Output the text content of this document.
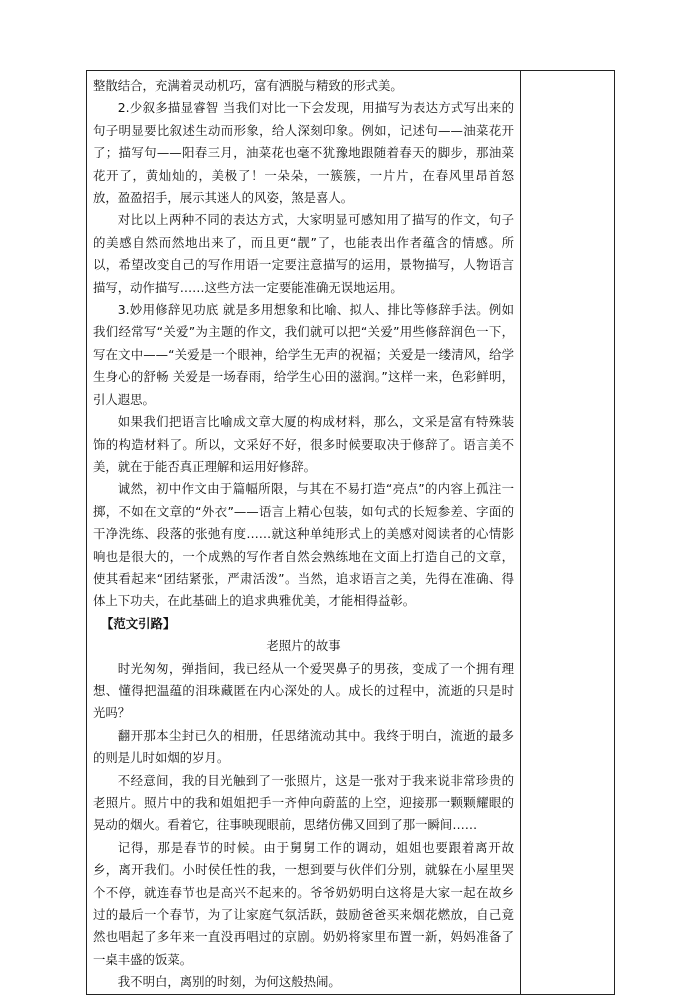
整散结合，充满着灵动机巧，富有洒脱与精致的形式美。

2.少叙多描显睿智 当我们对比一下会发现，用描写为表达方式写出来的句子明显要比叙述生动而形象，给人深刻印象。例如，记述句——油菜花开了；描写句——阳春三月，油菜花也毫不犹豫地跟随着春天的脚步，那油菜花开了，黄灿灿的，美极了！一朵朵，一簇簇，一片片，在春风里昂首怒放，盈盈招手，展示其迷人的风姿，煞是喜人。

对比以上两种不同的表达方式，大家明显可感知用了描写的作文，句子的美感自然而然地出来了，而且更“靓”了，也能表出作者蕴含的情感。所以，希望改变自己的写作用语一定要注意描写的运用，景物描写，人物语言描写，动作描写……这些方法一定要能准确无误地运用。

3.妙用修辞见功底 就是多用想象和比喻、拟人、排比等修辞手法。例如我们经常写“关爱”为主题的作文，我们就可以把“关爱”用些修辞润色一下，写在文中——“关爱是一个眼神，给学生无声的祝福；关爱是一缕清风，给学生身心的舒畅 关爱是一场春雨，给学生心田的滋润。”这样一来，色彩鲜明，引人遐思。

如果我们把语言比喻成文章大厦的构成材料，那么，文采是富有特殊装饰的构造材料了。所以，文采好不好，很多时候要取决于修辞了。语言美不美，就在于能否真正理解和运用好修辞。

诚然，初中作文由于篇幅所限，与其在不易打造“亮点”的内容上孤注一掷，不如在文章的“外衣”——语言上精心包装，如句式的长短参差、字面的干净洗练、段落的张弛有度……就这种单纯形式上的美感对阅读者的心情影响也是很大的，一个成熟的写作者自然会熟练地在文面上打造自己的文章，使其看起来“团结紧张，严肃活泼”。当然，追求语言之美，先得在准确、得体上下功夫，在此基础上的追求典雅优美，才能相得益彰。

【范文引路】

老照片的故事

时光匆匆，弹指间，我已经从一个爱哭鼻子的男孩，变成了一个拥有理想、懂得把温蕴的泪珠藏匿在内心深处的人。成长的过程中，流逝的只是时光吗？

翻开那本尘封已久的相册，任思绪流动其中。我终于明白，流逝的最多的则是儿时如烟的岁月。

不经意间，我的目光触到了一张照片，这是一张对于我来说非常珍贵的老照片。照片中的我和姐姐把手一齐伸向蔚蓝的上空，迎接那一颗颗耀眼的晃动的烟火。看着它，往事映现眼前，思绪仿佛又回到了那一瞬间……

记得，那是春节的时候。由于舅舅工作的调动，姐姐也要跟着离开故乡，离开我们。小时侯任性的我，一想到要与伙伴们分别，就躲在小屋里哭个不停，就连春节也是高兴不起来的。爷爷奶奶明白这将是大家一起在故乡过的最后一个春节，为了让家庭气氛活跃，鼓励爸爸买来烟花燃放，自己竟然也唱起了多年来一直没再唱过的京剧。奶奶将家里布置一新，妈妈准备了一桌丰盛的饭菜。

我不明白，离别的时刻，为何这般热闹。
